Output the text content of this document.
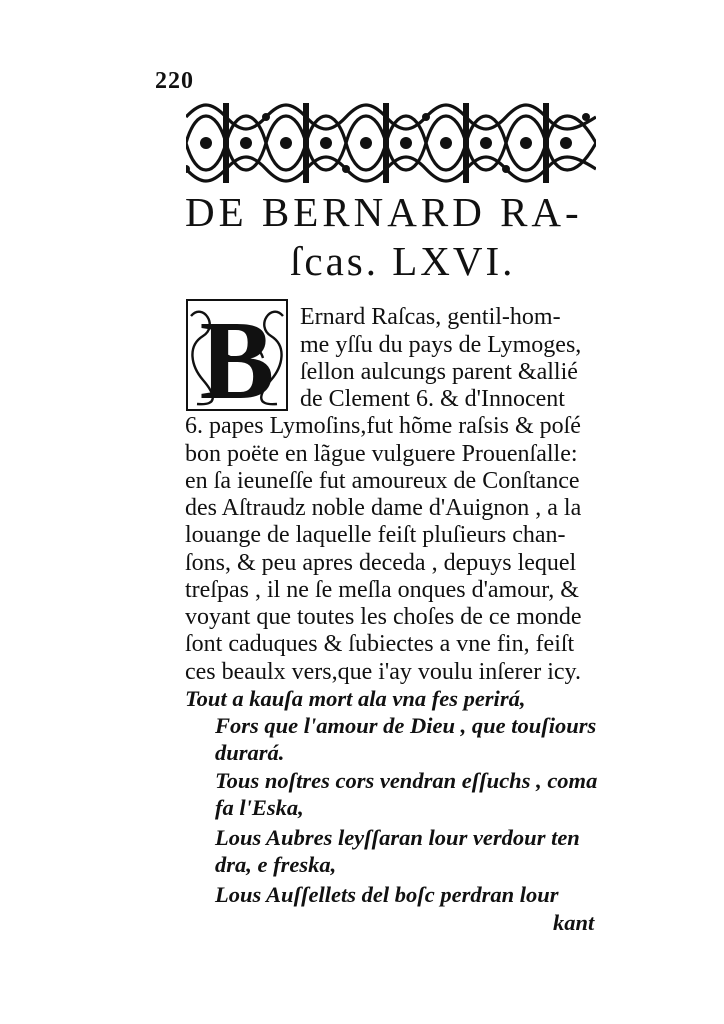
220
DE BERNARD RA-
ſcas. LXVI.
B Ernard Raſcas, gentil-hom-
me yſſu du pays de Lymoges,
ſellon aulcungs parent &allié
de Clement 6. & d'Innocent
6. papes Lymoſins,fut hõme raſsis & poſé
bon poëte en lãgue vulguere Prouenſalle:
en ſa ieuneſſe fut amoureux de Conſtance
des Aſtraudz noble dame d'Auignon , a la
louange de laquelle feiſt pluſieurs chan-
ſons, & peu apres deceda , depuys lequel
treſpas , il ne ſe meſla onques d'amour, &
voyant que toutes les choſes de ce monde
ſont caduques & ſubiectes a vne fin, feiſt
ces beaulx vers,que i'ay voulu inſerer icy.
Tout a kauſa mort ala vna fes perirá,
Fors que l'amour de Dieu , que touſiours
durará.
Tous noſtres cors vendran eſſuchs , coma
fa l'Eska,
Lous Aubres leyſſaran lour verdour ten
dra, e freska,
Lous Auſſellets del boſc perdran lour
kant
